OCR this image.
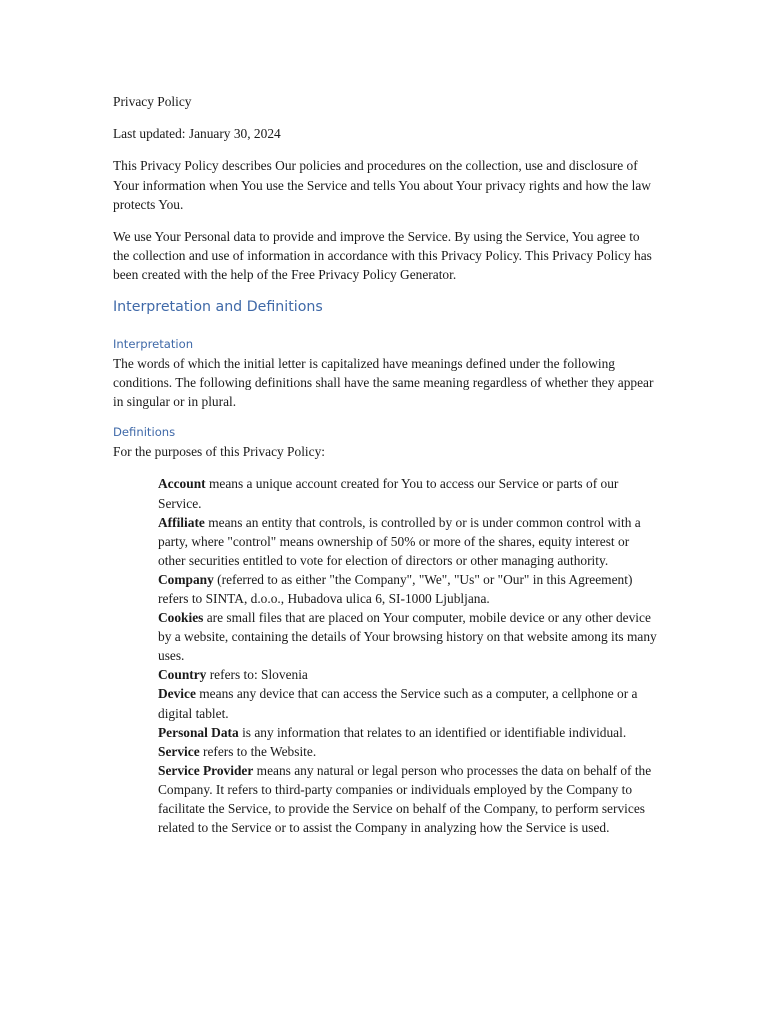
Privacy Policy

Last updated: January 30, 2024

This Privacy Policy describes Our policies and procedures on the collection, use and disclosure of Your information when You use the Service and tells You about Your privacy rights and how the law protects You.

We use Your Personal data to provide and improve the Service. By using the Service, You agree to the collection and use of information in accordance with this Privacy Policy. This Privacy Policy has been created with the help of the Free Privacy Policy Generator.

Interpretation and Definitions
Interpretation

The words of which the initial letter is capitalized have meanings defined under the following conditions. The following definitions shall have the same meaning regardless of whether they appear in singular or in plural.

Definitions

For the purposes of this Privacy Policy:

Account means a unique account created for You to access our Service or parts of our Service.
Affiliate means an entity that controls, is controlled by or is under common control with a party, where "control" means ownership of 50% or more of the shares, equity interest or other securities entitled to vote for election of directors or other managing authority.
Company (referred to as either "the Company", "We", "Us" or "Our" in this Agreement) refers to SINTA, d.o.o., Hubadova ulica 6, SI-1000 Ljubljana.
Cookies are small files that are placed on Your computer, mobile device or any other device by a website, containing the details of Your browsing history on that website among its many uses.
Country refers to: Slovenia
Device means any device that can access the Service such as a computer, a cellphone or a digital tablet.
Personal Data is any information that relates to an identified or identifiable individual.
Service refers to the Website.
Service Provider means any natural or legal person who processes the data on behalf of the Company. It refers to third-party companies or individuals employed by the Company to facilitate the Service, to provide the Service on behalf of the Company, to perform services related to the Service or to assist the Company in analyzing how the Service is used.
